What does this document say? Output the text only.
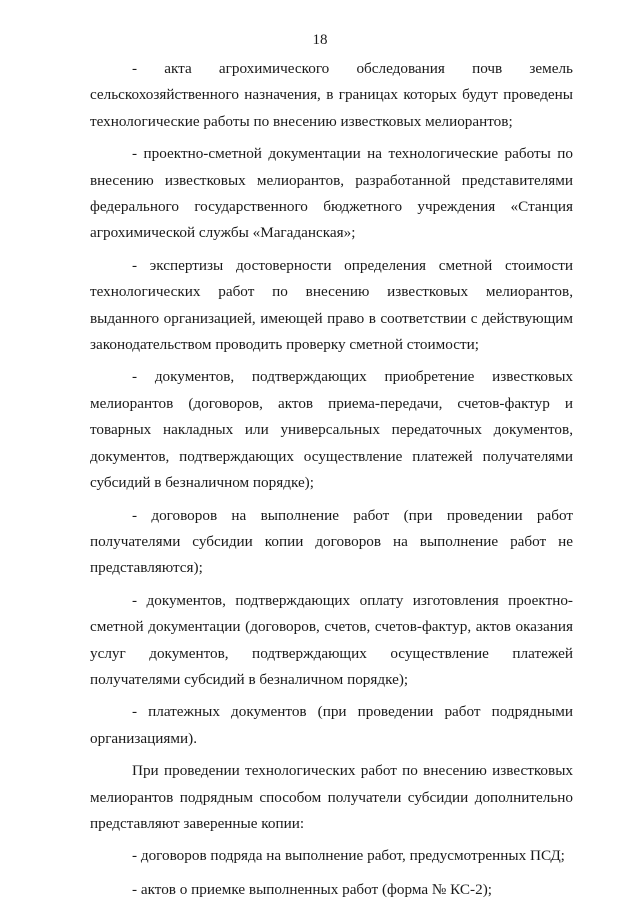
18

- акта агрохимического обследования почв земель сельскохозяйственного назначения, в границах которых будут проведены технологические работы по внесению известковых мелиорантов;

- проектно-сметной документации на технологические работы по внесению известковых мелиорантов, разработанной представителями федерального государственного бюджетного учреждения «Станция агрохимической службы «Магаданская»;

- экспертизы достоверности определения сметной стоимости технологических работ по внесению известковых мелиорантов, выданного организацией, имеющей право в соответствии с действующим законодательством проводить проверку сметной стоимости;

- документов, подтверждающих приобретение известковых мелиорантов (договоров, актов приема-передачи, счетов-фактур и товарных накладных или универсальных передаточных документов, документов, подтверждающих осуществление платежей получателями субсидий в безналичном порядке);

- договоров на выполнение работ (при проведении работ получателями субсидии копии договоров на выполнение работ не представляются);

- документов, подтверждающих оплату изготовления проектно-сметной документации (договоров, счетов, счетов-фактур, актов оказания услуг документов, подтверждающих осуществление платежей получателями субсидий в безналичном порядке);

- платежных документов (при проведении работ подрядными организациями).

При проведении технологических работ по внесению известковых мелиорантов подрядным способом получатели субсидии дополнительно представляют заверенные копии:

- договоров подряда на выполнение работ, предусмотренных ПСД;

- актов о приемке выполненных работ (форма № КС-2);
